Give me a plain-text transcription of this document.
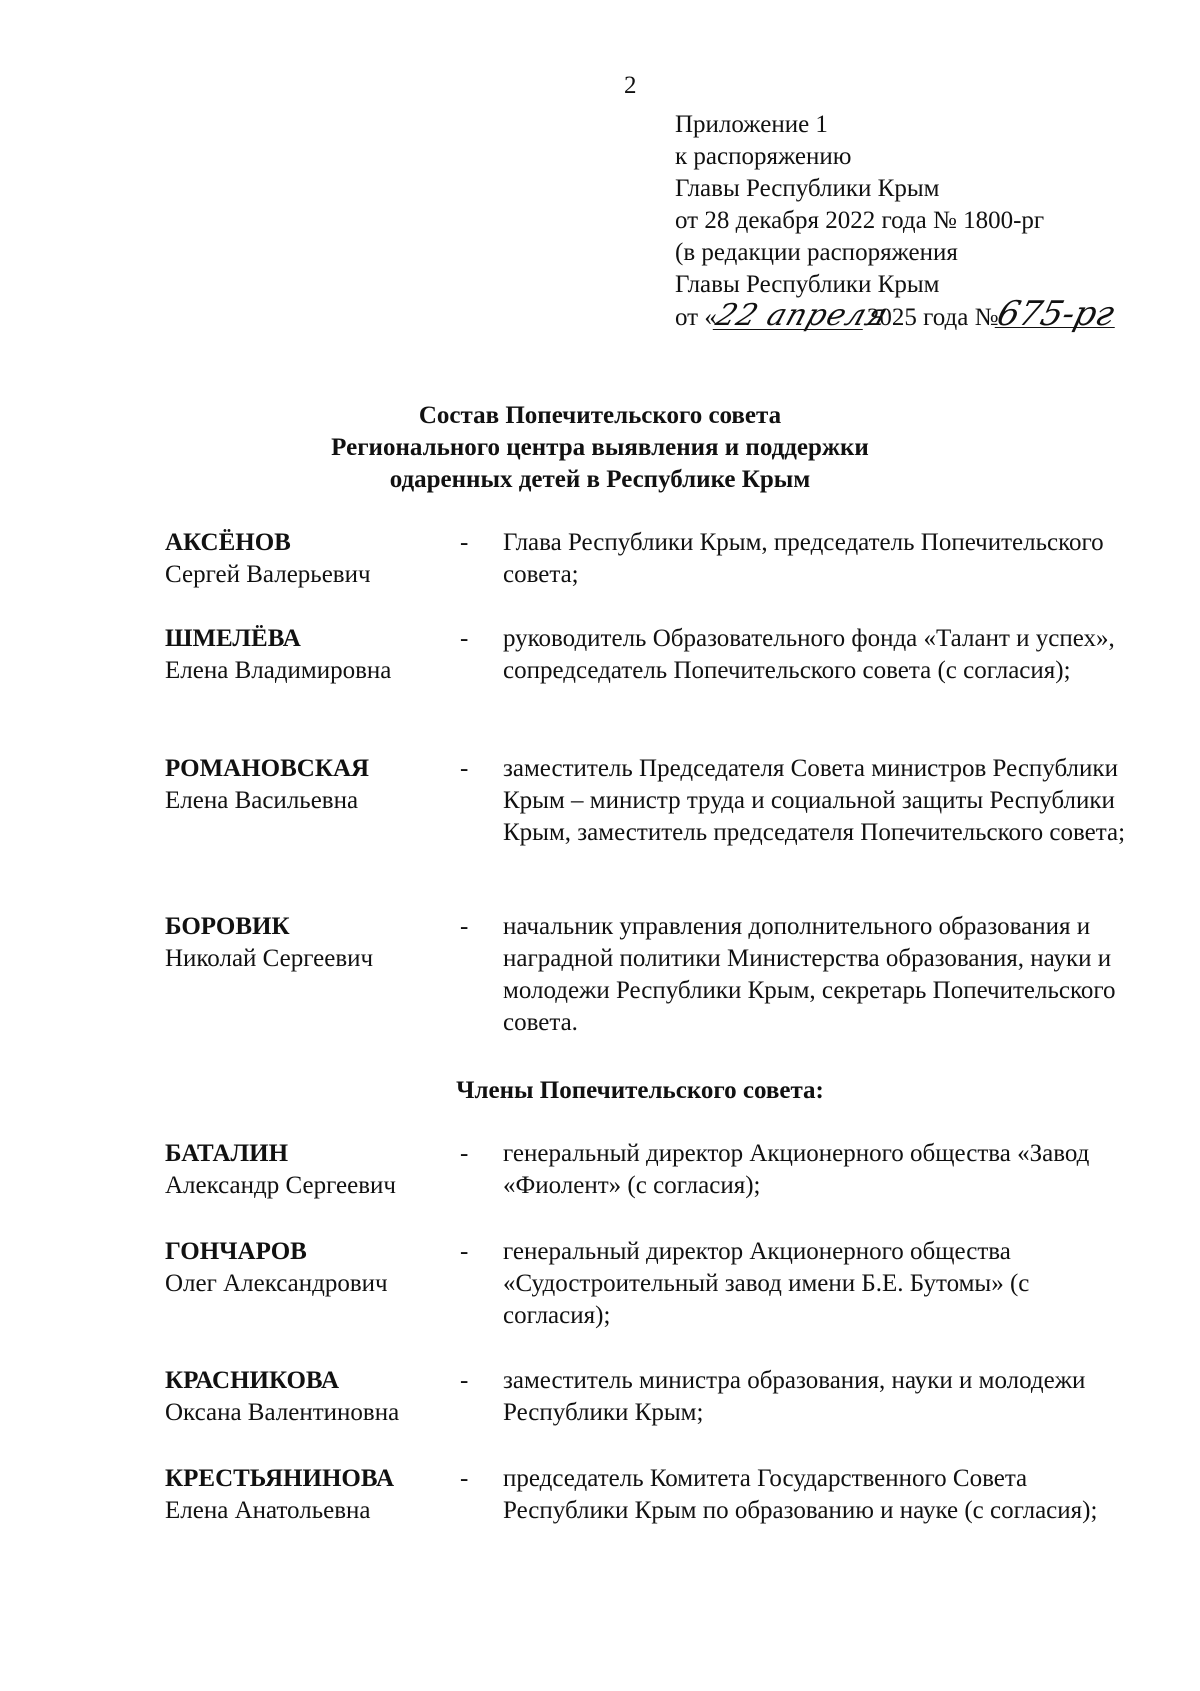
2
Приложение 1
к распоряжению
Главы Республики Крым
от 28 декабря 2022 года № 1800-рг
(в редакции распоряжения
Главы Республики Крым
от «22 апреля2025 года №675-рг
Состав Попечительского совета
Регионального центра выявления и поддержки
одаренных детей в Республике Крым
АКСЁНОВ
Сергей Валерьевич
- Глава Республики Крым, председатель Попечительского совета;
ШМЕЛЁВА
Елена Владимировна
- руководитель Образовательного фонда «Талант и успех», сопредседатель Попечительского совета (с согласия);
РОМАНОВСКАЯ
Елена Васильевна
- заместитель Председателя Совета министров Республики Крым – министр труда и социальной защиты Республики Крым, заместитель председателя Попечительского совета;
БОРОВИК
Николай Сергеевич
- начальник управления дополнительного образования и наградной политики Министерства образования, науки и молодежи Республики Крым, секретарь Попечительского совета.
Члены Попечительского совета:
БАТАЛИН
Александр Сергеевич
- генеральный директор Акционерного общества «Завод «Фиолент» (с согласия);
ГОНЧАРОВ
Олег Александрович
- генеральный директор Акционерного общества «Судостроительный завод имени Б.Е. Бутомы» (с согласия);
КРАСНИКОВА
Оксана Валентиновна
- заместитель министра образования, науки и молодежи Республики Крым;
КРЕСТЬЯНИНОВА
Елена Анатольевна
- председатель Комитета Государственного Совета Республики Крым по образованию и науке (с согласия);
